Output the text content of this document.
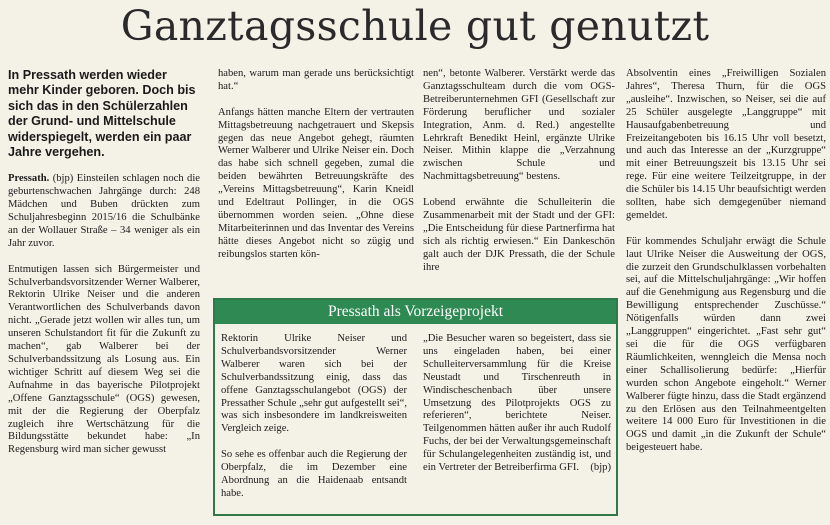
Ganztagsschule gut genutzt

In Pressath werden wieder mehr Kinder geboren. Doch bis sich das in den Schülerzahlen der Grund- und Mittelschule widerspiegelt, werden ein paar Jahre vergehen.

Pressath. (bjp) Einsteilen schlagen noch die geburtenschwachen Jahrgänge durch: 248 Mädchen und Buben drückten zum Schuljahresbeginn 2015/16 die Schulbänke an der Wollauer Straße – 34 weniger als ein Jahr zuvor.

Entmutigen lassen sich Bürgermeister und Schulverbandsvorsitzender Werner Walberer, Rektorin Ulrike Neiser und die anderen Verantwortlichen des Schulverbands davon nicht. „Gerade jetzt wollen wir alles tun, um unseren Schulstandort fit für die Zukunft zu machen“, gab Walberer bei der Schulverbandssitzung als Losung aus. Ein wichtiger Schritt auf diesem Weg sei die Aufnahme in das bayerische Pilotprojekt „Offene Ganztagsschule“ (OGS) gewesen, mit der die Regierung der Oberpfalz zugleich ihre Wertschätzung für die Bildungsstätte bekundet habe: „In Regensburg wird man sicher gewusst

haben, warum man gerade uns berücksichtigt hat.“

Anfangs hätten manche Eltern der vertrauten Mittagsbetreuung nachgetrauert und Skepsis gegen das neue Angebot gehegt, räumten Werner Walberer und Ulrike Neiser ein. Doch das habe sich schnell gegeben, zumal die beiden bewährten Betreuungskräfte des „Vereins Mittagsbetreuung“, Karin Kneidl und Edeltraut Pollinger, in die OGS übernommen worden seien. „Ohne diese Mitarbeiterinnen und das Inventar des Vereins hätte dieses Angebot nicht so zügig und reibungslos starten kön-

nen“, betonte Walberer. Verstärkt werde das Ganztagsschulteam durch die vom OGS-Betreiberunternehmen GFI (Gesellschaft zur Förderung beruflicher und sozialer Integration, Anm. d. Red.) angestellte Lehrkraft Benedikt Heinl, ergänzte Ulrike Neiser. Mithin klappe die „Verzahnung zwischen Schule und Nachmittagsbetreuung“ bestens.

Lobend erwähnte die Schulleiterin die Zusammenarbeit mit der Stadt und der GFI: „Die Entscheidung für diese Partnerfirma hat sich als richtig erwiesen.“ Ein Dankeschön galt auch der DJK Pressath, die der Schule ihre

Absolventin eines „Freiwilligen Sozialen Jahres“, Theresa Thurn, für die OGS „ausleihe“. Inzwischen, so Neiser, sei die auf 25 Schüler ausgelegte „Langgruppe“ mit Hausaufgabenbetreuung und Freizeitangeboten bis 16.15 Uhr voll besetzt, und auch das Interesse an der „Kurzgruppe“ mit einer Betreuungszeit bis 13.15 Uhr sei rege. Für eine weitere Teilzeitgruppe, in der die Schüler bis 14.15 Uhr beaufsichtigt werden sollten, habe sich demgegenüber niemand gemeldet.

Für kommendes Schuljahr erwägt die Schule laut Ulrike Neiser die Ausweitung der OGS, die zurzeit den Grundschulklassen vorbehalten sei, auf die Mittelschuljahrgänge: „Wir hoffen auf die Genehmigung aus Regensburg und die Bewilligung entsprechender Zuschüsse.“ Nötigenfalls würden dann zwei „Langgruppen“ eingerichtet. „Fast sehr gut“ sei die für die OGS verfügbaren Räumlichkeiten, wenngleich die Mensa noch einer Schallisolierung bedürfe: „Hierfür wurden schon Angebote eingeholt.“ Werner Walberer fügte hinzu, dass die Stadt ergänzend zu den Erlösen aus den Teilnahmeentgelten weitere 14 000 Euro für Investitionen in die OGS und damit „in die Zukunft der Schule“ beigesteuert habe.

Pressath als Vorzeigeprojekt

Rektorin Ulrike Neiser und Schulverbandsvorsitzender Werner Walberer waren sich bei der Schulverbandssitzung einig, dass das offene Ganztagsschulangebot (OGS) der Pressather Schule „sehr gut aufgestellt sei“, was sich insbesondere im landkreisweiten Vergleich zeige.

So sehe es offenbar auch die Regierung der Oberpfalz, die im Dezember eine Abordnung an die Haidenaab entsandt habe.

„Die Besucher waren so begeistert, dass sie uns eingeladen haben, bei einer Schulleiterversammlung für die Kreise Neustadt und Tirschenreuth in Windischeschenbach über unsere Umsetzung des Pilotprojekts OGS zu referieren“, berichtete Neiser. Teilgenommen hätten außer ihr auch Rudolf Fuchs, der bei der Verwaltungsgemeinschaft für Schulangelegenheiten zuständig ist, und ein Vertreter der Betreiberfirma GFI. (bjp)
